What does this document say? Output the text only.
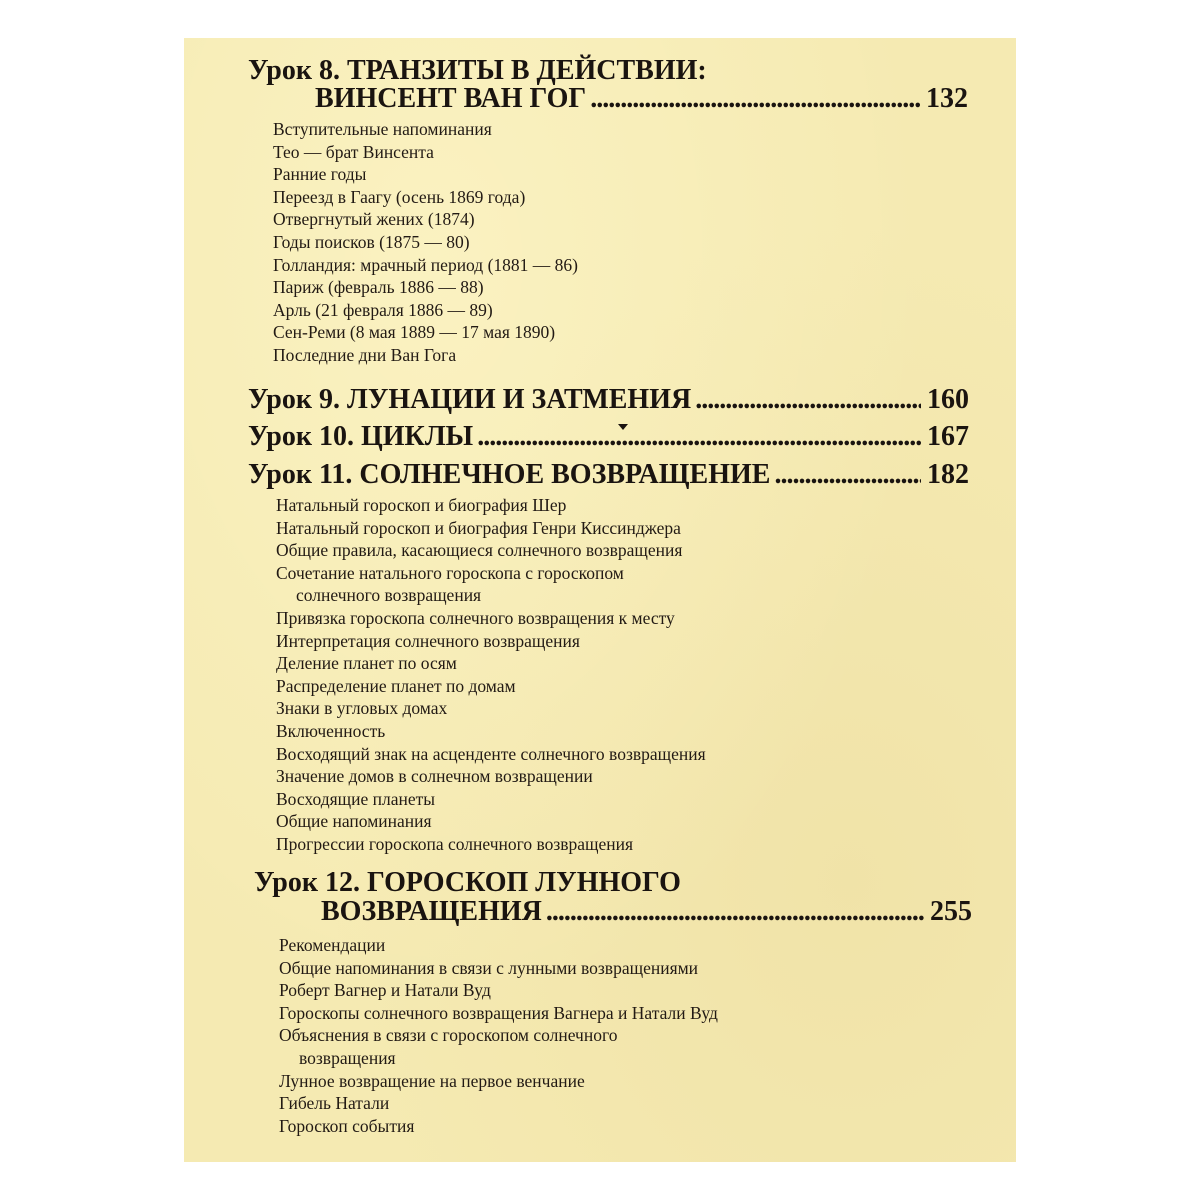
Урок 8. ТРАНЗИТЫ В ДЕЙСТВИИ:
ВИНСЕНТ ВАН ГОГ . . .	132
Вступительные напоминания
Тео — брат Винсента
Ранние годы
Переезд в Гаагу (осень 1869 года)
Отвергнутый жених (1874)
Годы поисков (1875 — 80)
Голландия: мрачный период (1881 — 86)
Париж (февраль 1886 — 88)
Арль (21 февраля 1886 — 89)
Сен-Реми (8 мая 1889 — 17 мая 1890)
Последние дни Ван Гога
Урок 9. ЛУНАЦИИ И ЗАТМЕНИЯ . . .	160
Урок 10. ЦИКЛЫ . . .	167
Урок 11. СОЛНЕЧНОЕ ВОЗВРАЩЕНИЕ . . .	182
Натальный гороскоп и биография Шер
Натальный гороскоп и биография Генри Киссинджера
Общие правила, касающиеся солнечного возвращения
Сочетание натального гороскопа с гороскопом
солнечного возвращения
Привязка гороскопа солнечного возвращения к месту
Интерпретация солнечного возвращения
Деление планет по осям
Распределение планет по домам
Знаки в угловых домах
Включенность
Восходящий знак на асценденте солнечного возвращения
Значение домов в солнечном возвращении
Восходящие планеты
Общие напоминания
Прогрессии гороскопа солнечного возвращения
Урок 12. ГОРОСКОП ЛУННОГО
ВОЗВРАЩЕНИЯ . . .	255
Рекомендации
Общие напоминания в связи с лунными возвращениями
Роберт Вагнер и Натали Вуд
Гороскопы солнечного возвращения Вагнера и Натали Вуд
Объяснения в связи с гороскопом солнечного
возвращения
Лунное возвращение на первое венчание
Гибель Натали
Гороскоп события
